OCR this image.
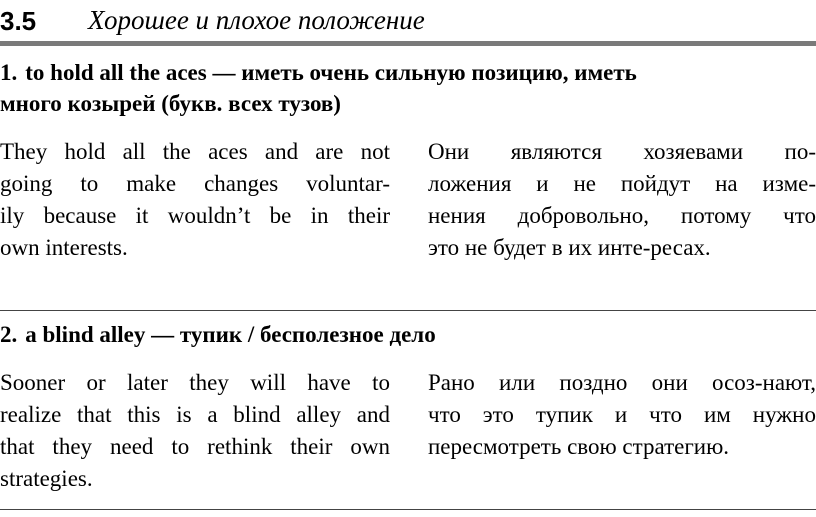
3.5 Хорошее и плохое положение
1. to hold all the aces — иметь очень сильную позицию, иметь
много козырей (букв. всех тузов)
They hold all the aces and are not
going to make changes voluntar-
ily because it wouldn’t be in their
own interests.
Они являются хозяевами по-
ложения и не пойдут на изме-
нения добровольно, потому что
это не будет в их инте-ресах.
2. a blind alley — тупик / бесполезное дело
Sooner or later they will have to
realize that this is a blind alley and
that they need to rethink their own
strategies.
Рано или поздно они осоз-нают,
что это тупик и что им нужно
пересмотреть свою стратегию.
